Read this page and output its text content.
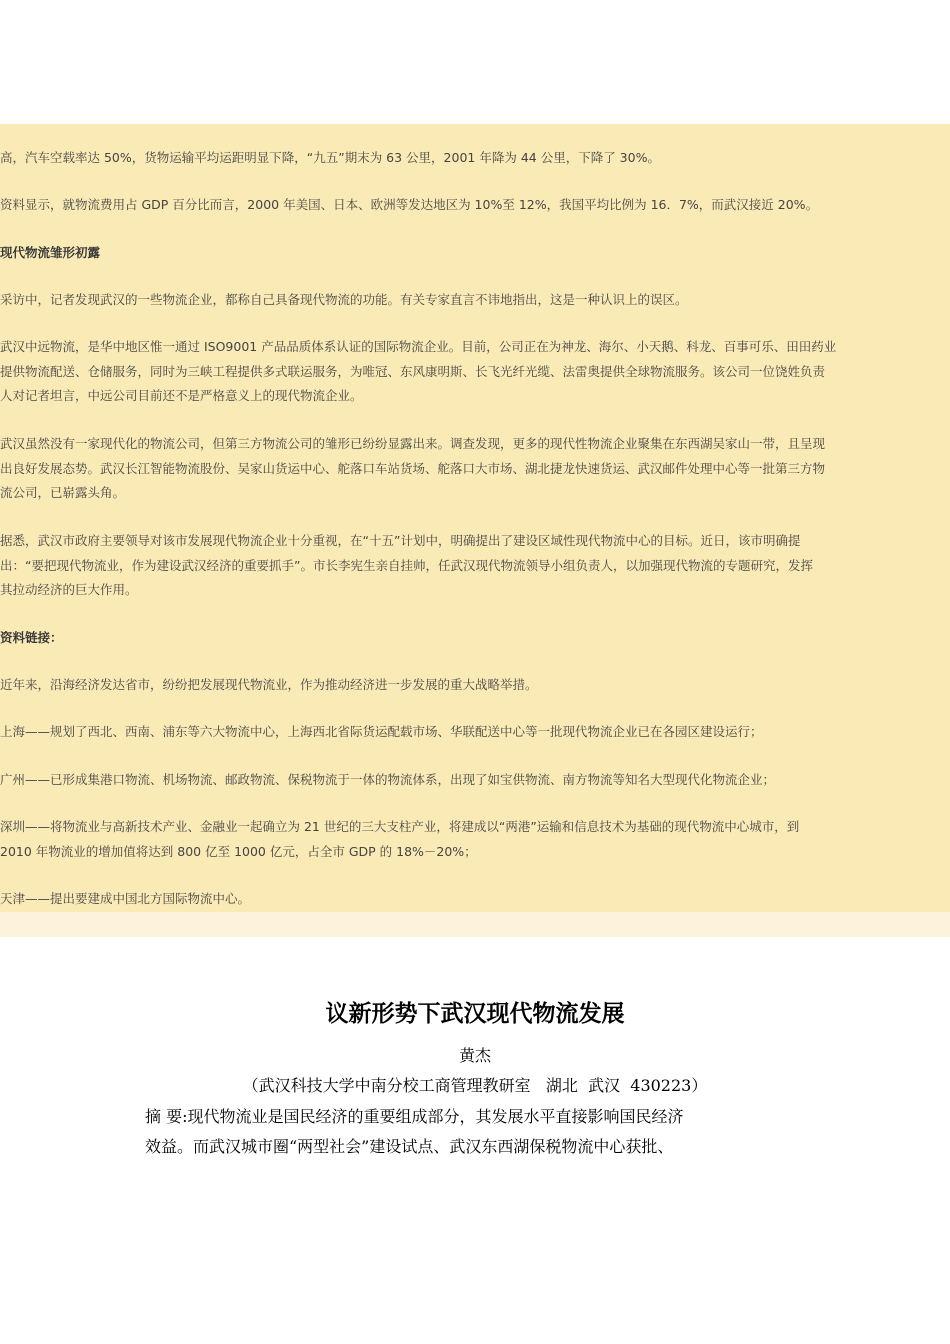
高，汽车空载率达 50%，货物运输平均运距明显下降，“九五”期末为 63 公里，2001 年降为 44 公里，下降了 30%。
资料显示，就物流费用占 GDP 百分比而言，2000 年美国、日本、欧洲等发达地区为 10%至 12%，我国平均比例为 16．7%，而武汉接近 20%。
现代物流雏形初露
采访中，记者发现武汉的一些物流企业，都称自己具备现代物流的功能。有关专家直言不讳地指出，这是一种认识上的误区。
武汉中远物流，是华中地区惟一通过 ISO9001 产品品质体系认证的国际物流企业。目前，公司正在为神龙、海尔、小天鹅、科龙、百事可乐、田田药业
提供物流配送、仓储服务，同时为三峡工程提供多式联运服务，为唯冠、东风康明斯、长飞光纤光缆、法雷奥提供全球物流服务。该公司一位饶姓负责
人对记者坦言，中远公司目前还不是严格意义上的现代物流企业。
武汉虽然没有一家现代化的物流公司，但第三方物流公司的雏形已纷纷显露出来。调查发现，更多的现代性物流企业聚集在东西湖吴家山一带，且呈现
出良好发展态势。武汉长江智能物流股份、吴家山货运中心、舵落口车站货场、舵落口大市场、湖北捷龙快速货运、武汉邮件处理中心等一批第三方物
流公司，已崭露头角。
据悉，武汉市政府主要领导对该市发展现代物流企业十分重视，在“十五”计划中，明确提出了建设区域性现代物流中心的目标。近日，该市明确提
出：“要把现代物流业，作为建设武汉经济的重要抓手”。市长李宪生亲自挂帅，任武汉现代物流领导小组负责人，以加强现代物流的专题研究，发挥
其拉动经济的巨大作用。
资料链接：
近年来，沿海经济发达省市，纷纷把发展现代物流业，作为推动经济进一步发展的重大战略举措。
上海——规划了西北、西南、浦东等六大物流中心，上海西北省际货运配载市场、华联配送中心等一批现代物流企业已在各园区建设运行；
广州——已形成集港口物流、机场物流、邮政物流、保税物流于一体的物流体系，出现了如宝供物流、南方物流等知名大型现代化物流企业；
深圳——将物流业与高新技术产业、金融业一起确立为 21 世纪的三大支柱产业，将建成以“两港”运输和信息技术为基础的现代物流中心城市，到
2010 年物流业的增加值将达到 800 亿至 1000 亿元，占全市 GDP 的 18%－20%；
天津——提出要建成中国北方国际物流中心。
议新形势下武汉现代物流发展
黄杰
（武汉科技大学中南分校工商管理教研室   湖北  武汉  430223）
摘 要:现代物流业是国民经济的重要组成部分，其发展水平直接影响国民经济
效益。而武汉城市圈“两型社会”建设试点、武汉东西湖保税物流中心获批、
